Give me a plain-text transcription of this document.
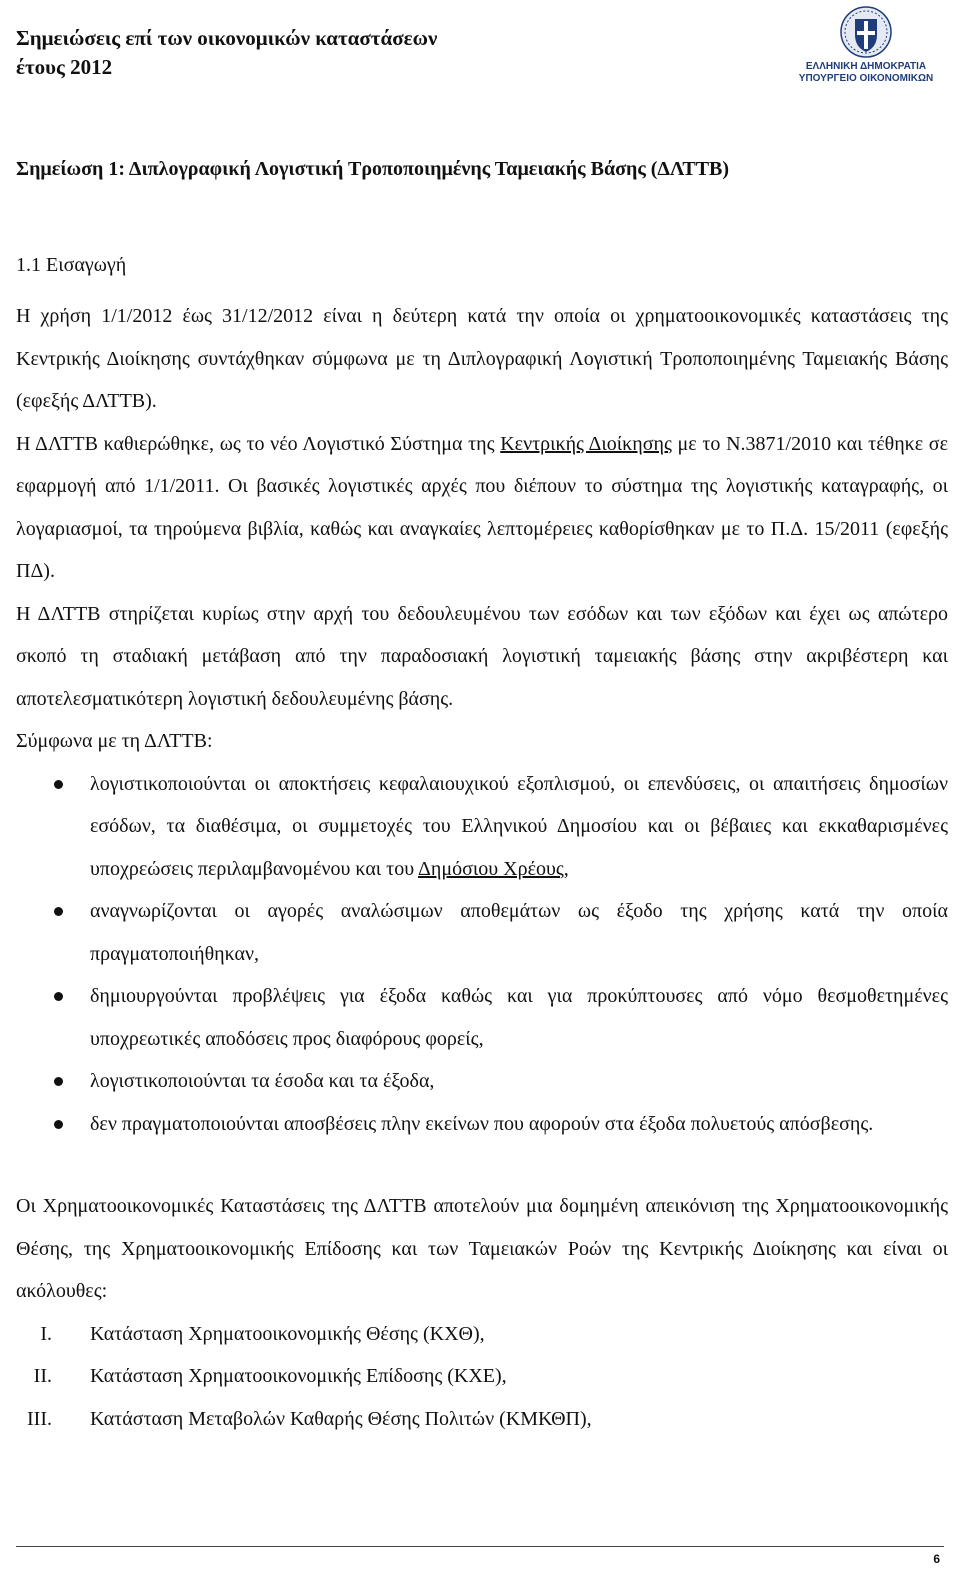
Σημειώσεις επί των οικονομικών καταστάσεων
έτους 2012	ΕΛΛΗΝΙΚΗ ΔΗΜΟΚΡΑΤΙΑ
ΥΠΟΥΡΓΕΙΟ ΟΙΚΟΝΟΜΙΚΩΝ
Σημείωση 1: Διπλογραφική Λογιστική Τροποποιημένης Ταμειακής Βάσης (ΔΛΤΤΒ)
1.1 Εισαγωγή

Η χρήση 1/1/2012 έως 31/12/2012 είναι η δεύτερη κατά την οποία οι χρηματοοικονομικές καταστάσεις της Κεντρικής Διοίκησης συντάχθηκαν σύμφωνα με τη Διπλογραφική Λογιστική Τροποποιημένης Ταμειακής Βάσης (εφεξής ΔΛΤΤΒ).

Η ΔΛΤΤΒ καθιερώθηκε, ως το νέο Λογιστικό Σύστημα της Κεντρικής Διοίκησης με το Ν.3871/2010 και τέθηκε σε εφαρμογή από 1/1/2011. Οι βασικές λογιστικές αρχές που διέπουν το σύστημα της λογιστικής καταγραφής, οι λογαριασμοί, τα τηρούμενα βιβλία, καθώς και αναγκαίες λεπτομέρειες καθορίσθηκαν με το Π.Δ. 15/2011 (εφεξής ΠΔ).

Η ΔΛΤΤΒ στηρίζεται κυρίως στην αρχή του δεδουλευμένου των εσόδων και των εξόδων και έχει ως απώτερο σκοπό τη σταδιακή μετάβαση από την παραδοσιακή λογιστική ταμειακής βάσης στην ακριβέστερη και αποτελεσματικότερη λογιστική δεδουλευμένης βάσης.

Σύμφωνα με τη ΔΛΤΤΒ:

λογιστικοποιούνται οι αποκτήσεις κεφαλαιουχικού εξοπλισμού, οι επενδύσεις, οι απαιτήσεις δημοσίων εσόδων, τα διαθέσιμα, οι συμμετοχές του Ελληνικού Δημοσίου και οι βέβαιες και εκκαθαρισμένες υποχρεώσεις περιλαμβανομένου και του Δημόσιου Χρέους,
αναγνωρίζονται οι αγορές αναλώσιμων αποθεμάτων ως έξοδο της χρήσης κατά την οποία πραγματοποιήθηκαν,
δημιουργούνται προβλέψεις για έξοδα καθώς και για προκύπτουσες από νόμο θεσμοθετημένες υποχρεωτικές αποδόσεις προς διαφόρους φορείς,
λογιστικοποιούνται τα έσοδα και τα έξοδα,
δεν πραγματοποιούνται αποσβέσεις πλην εκείνων που αφορούν στα έξοδα πολυετούς απόσβεσης.

Οι Χρηματοοικονομικές Καταστάσεις της ΔΛΤΤΒ αποτελούν μια δομημένη απεικόνιση της Χρηματοοικονομικής Θέσης, της Χρηματοοικονομικής Επίδοσης και των Ταμειακών Ροών της Κεντρικής Διοίκησης και είναι οι ακόλουθες:

I. Κατάσταση Χρηματοοικονομικής Θέσης (ΚΧΘ),
II. Κατάσταση Χρηματοοικονομικής Επίδοσης (ΚΧΕ),
III. Κατάσταση Μεταβολών Καθαρής Θέσης Πολιτών (ΚΜΚΘΠ),
6
